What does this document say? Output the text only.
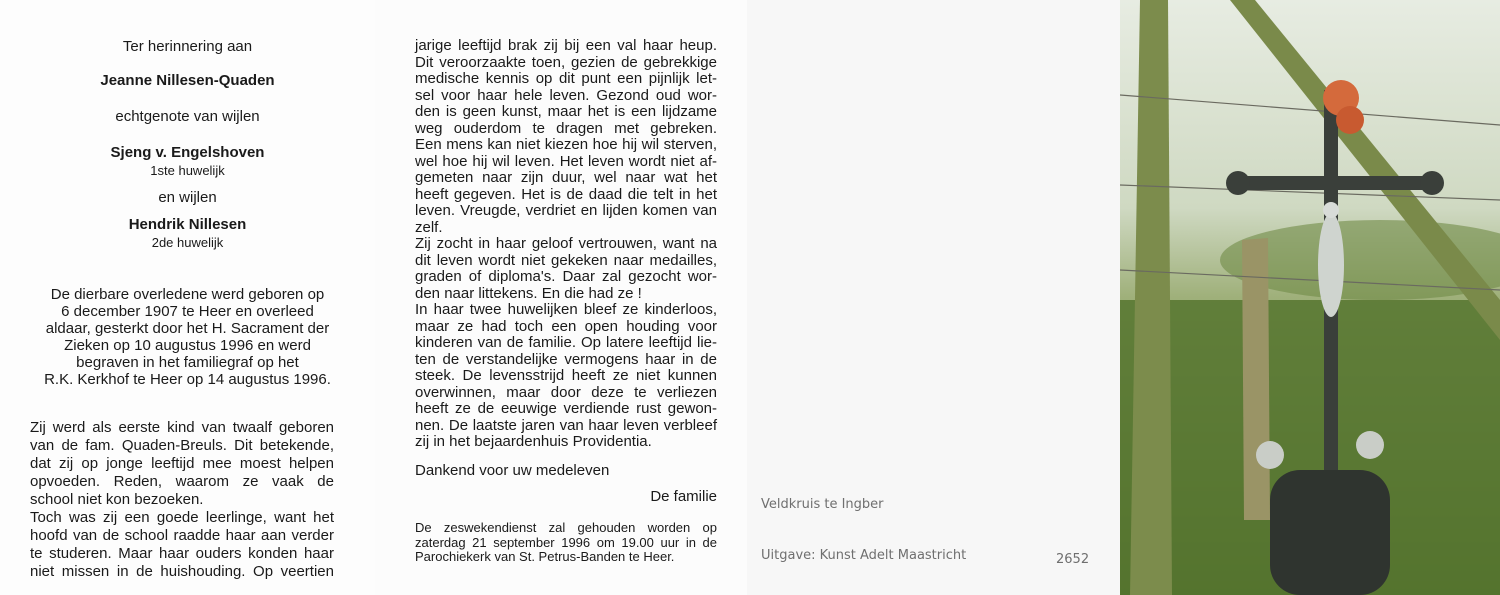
Ter herinnering aan
Jeanne Nillesen-Quaden
echtgenote van wijlen
Sjeng v. Engelshoven
1ste huwelijk
en wijlen
Hendrik Nillesen
2de huwelijk
De dierbare overledene werd geboren op
6 december 1907 te Heer en overleed
aldaar, gesterkt door het H. Sacrament der
Zieken op 10 augustus 1996 en werd
begraven in het familiegraf op het
R.K. Kerkhof te Heer op 14 augustus 1996.

Zij werd als eerste kind van twaalf geboren

van de fam. Quaden-Breuls. Dit betekende,

dat zij op jonge leeftijd mee moest helpen

opvoeden. Reden, waarom ze vaak de

school niet kon bezoeken.

Toch was zij een goede leerlinge, want het

hoofd van de school raadde haar aan verder

te studeren. Maar haar ouders konden haar

niet missen in de huishouding. Op veertien

jarige leeftijd brak zij bij een val haar heup.

Dit veroorzaakte toen, gezien de gebrekkige

medische kennis op dit punt een pijnlijk let-

sel voor haar hele leven. Gezond oud wor-

den is geen kunst, maar het is een lijdzame

weg ouderdom te dragen met gebreken.

Een mens kan niet kiezen hoe hij wil sterven,

wel hoe hij wil leven. Het leven wordt niet af-

gemeten naar zijn duur, wel naar wat het

heeft gegeven. Het is de daad die telt in het

leven. Vreugde, verdriet en lijden komen van

zelf.

Zij zocht in haar geloof vertrouwen, want na

dit leven wordt niet gekeken naar medailles,

graden of diploma's. Daar zal gezocht wor-

den naar littekens. En die had ze !

In haar twee huwelijken bleef ze kinderloos,

maar ze had toch een open houding voor

kinderen van de familie. Op latere leeftijd lie-

ten de verstandelijke vermogens haar in de

steek. De levensstrijd heeft ze niet kunnen

overwinnen, maar door deze te verliezen

heeft ze de eeuwige verdiende rust gewon-

nen. De laatste jaren van haar leven verbleef

zij in het bejaardenhuis Providentia.

Dankend voor uw medeleven
De familie

De zeswekendienst zal gehouden worden op

zaterdag 21 september 1996 om 19.00 uur in de

Parochiekerk van St. Petrus-Banden te Heer.

Veldkruis te Ingber
Uitgave: Kunst Adelt Maastricht	2652
